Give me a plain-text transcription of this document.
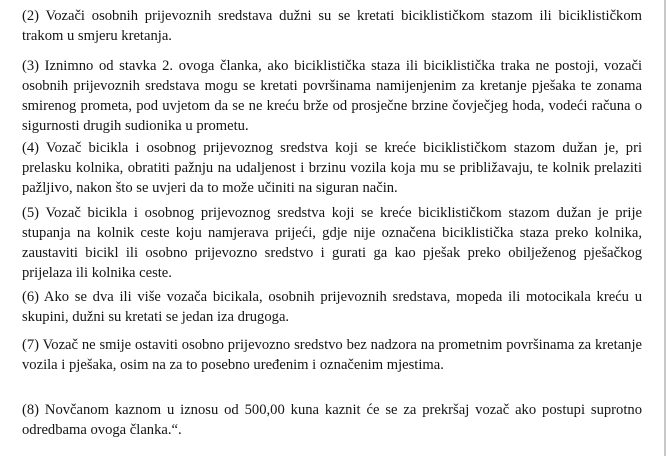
(2) Vozači osobnih prijevoznih sredstava dužni su se kretati biciklističkom stazom ili biciklističkom trakom u smjeru kretanja.

(3) Iznimno od stavka 2. ovoga članka, ako biciklistička staza ili biciklistička traka ne postoji, vozači osobnih prijevoznih sredstava mogu se kretati površinama namijenjenim za kretanje pješaka te zonama smirenog prometa, pod uvjetom da se ne kreću brže od prosječne brzine čovječjeg hoda, vodeći računa o sigurnosti drugih sudionika u prometu.

(4) Vozač bicikla i osobnog prijevoznog sredstva koji se kreće biciklističkom stazom dužan je, pri prelasku kolnika, obratiti pažnju na udaljenost i brzinu vozila koja mu se približavaju, te kolnik prelaziti pažljivo, nakon što se uvjeri da to može učiniti na siguran način.

(5) Vozač bicikla i osobnog prijevoznog sredstva koji se kreće biciklističkom stazom dužan je prije stupanja na kolnik ceste koju namjerava prijeći, gdje nije označena biciklistička staza preko kolnika, zaustaviti bicikl ili osobno prijevozno sredstvo i gurati ga kao pješak preko obilježenog pješačkog prijelaza ili kolnika ceste.

(6) Ako se dva ili više vozača bicikala, osobnih prijevoznih sredstava, mopeda ili motocikala kreću u skupini, dužni su kretati se jedan iza drugoga.

(7) Vozač ne smije ostaviti osobno prijevozno sredstvo bez nadzora na prometnim površinama za kretanje vozila i pješaka, osim na za to posebno uređenim i označenim mjestima.

(8) Novčanom kaznom u iznosu od 500,00 kuna kaznit će se za prekršaj vozač ako postupi suprotno odredbama ovoga članka.“.
